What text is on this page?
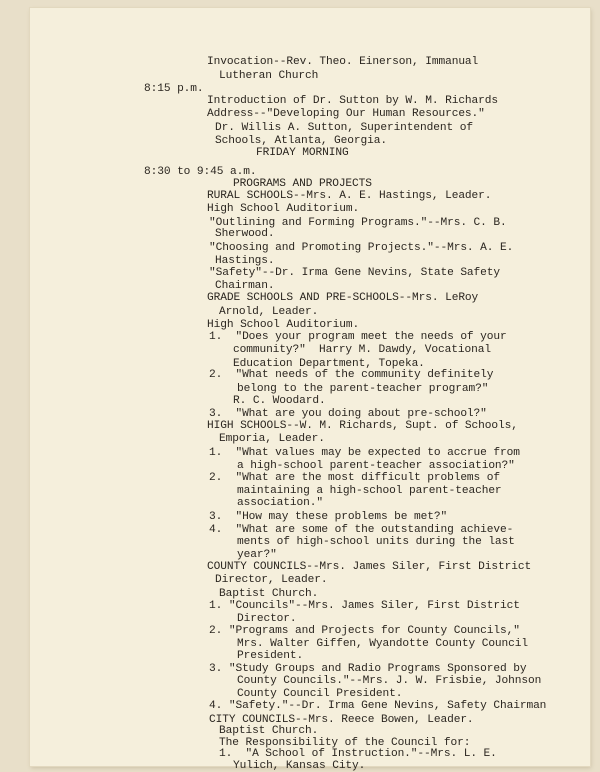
Invocation--Rev. Theo. Einerson, Immanual
Lutheran Church
8:15 p.m.
Introduction of Dr. Sutton by W. M. Richards
Address--"Developing Our Human Resources."
Dr. Willis A. Sutton, Superintendent of
Schools, Atlanta, Georgia.
FRIDAY MORNING
8:30 to 9:45 a.m.
PROGRAMS AND PROJECTS
RURAL SCHOOLS--Mrs. A. E. Hastings, Leader.
High School Auditorium.
"Outlining and Forming Programs."--Mrs. C. B.
Sherwood.
"Choosing and Promoting Projects."--Mrs. A. E.
Hastings.
"Safety"--Dr. Irma Gene Nevins, State Safety
Chairman.
GRADE SCHOOLS AND PRE-SCHOOLS--Mrs. LeRoy
Arnold, Leader.
High School Auditorium.
1.  "Does your program meet the needs of your
community?"  Harry M. Dawdy, Vocational
Education Department, Topeka.
2.  "What needs of the community definitely
belong to the parent-teacher program?"
R. C. Woodard.
3.  "What are you doing about pre-school?"
HIGH SCHOOLS--W. M. Richards, Supt. of Schools,
Emporia, Leader.
1.  "What values may be expected to accrue from
a high-school parent-teacher association?"
2.  "What are the most difficult problems of
maintaining a high-school parent-teacher
association."
3.  "How may these problems be met?"
4.  "What are some of the outstanding achieve-
ments of high-school units during the last
year?"
COUNTY COUNCILS--Mrs. James Siler, First District
Director, Leader.
Baptist Church.
1. "Councils"--Mrs. James Siler, First District
Director.
2. "Programs and Projects for County Councils,"
Mrs. Walter Giffen, Wyandotte County Council
President.
3. "Study Groups and Radio Programs Sponsored by
County Councils."--Mrs. J. W. Frisbie, Johnson
County Council President.
4. "Safety."--Dr. Irma Gene Nevins, Safety Chairman
CITY COUNCILS--Mrs. Reece Bowen, Leader.
Baptist Church.
The Responsibility of the Council for:
1.  "A School of Instruction."--Mrs. L. E.
Yulich, Kansas City.
